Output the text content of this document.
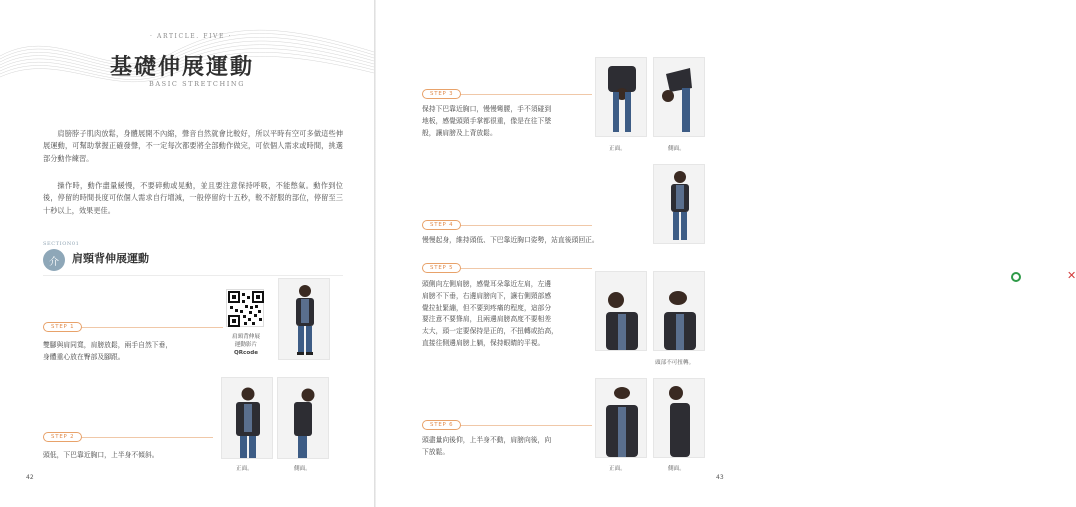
· ARTICLE. FIVE ·
基礎伸展運動
BASIC STRETCHING

肩膀脖子肌肉放鬆，身體展開不內縮，聲音自然就會比較好，所以平時有空可多做這些伸展運動，可幫助掌握正確發聲，不一定每次都要將全部動作做完，可依個人需求或時間，挑選部分動作練習。

操作時，動作盡量緩慢，不要碎動或晃動，並且要注意保持呼吸，不能憋氣。動作到位後，停留的時間長度可依個人需求自行增減，一般停留約十五秒，較不舒服的部位，停留至三十秒以上，效果更佳。

SECTION01
介	肩頸背伸展運動
肩頸背伸展
運動影片
QRcode
STEP 1
雙腳與肩同寬，肩膀放鬆，兩手自然下垂，
身體重心放在臀部及腳跟。
STEP 2
頭低，下巴靠近胸口，上半身不傾斜。
正面。	側面。
42
STEP 3
保持下巴靠近胸口，慢慢彎腰，手不須碰到
地板，感覺頭頸手掌都很重，像是在往下墜
般，讓肩膀及上背放鬆。
正面。	側面。
STEP 4
慢慢起身，維持頭低、下巴靠近胸口姿勢，站直後頭回正。
STEP 5
頭側向左側肩膀，感覺耳朵靠近左肩，左邊
肩膀不下垂，右邊肩膀向下，讓右側頸部感
覺拉扯緊繃，但不要到疼痛的程度，這部分
要注意不要聳肩，且兩邊肩膀高度不要相差
太大，頭一定要保持是正的，不扭轉或抬高，
直接往側邊肩膀上躺，保持眼睛的平視。
✕
頭部不可扭轉。
STEP 6
頭盡量向後仰，上半身不動，肩膀向後，向
下放鬆。
正面。	側面。
43
